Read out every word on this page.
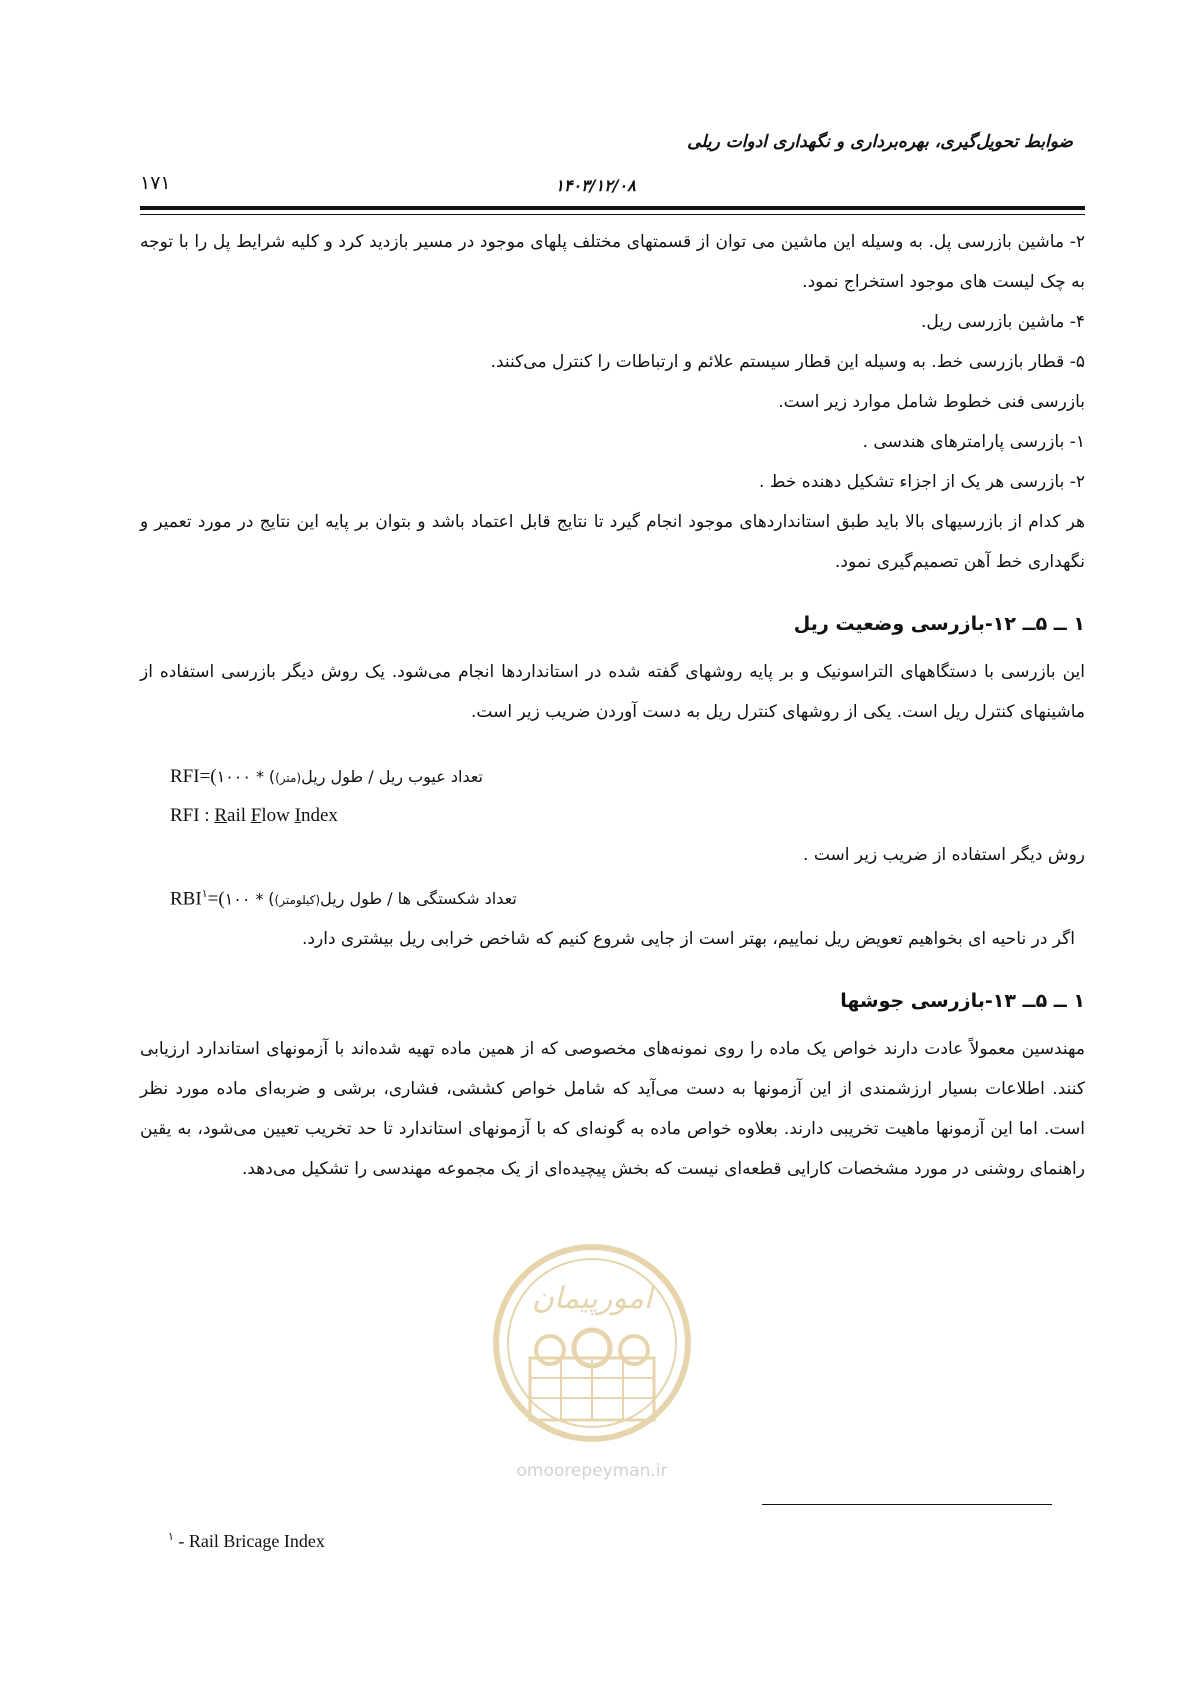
ضوابط تحویل‌گیری، بهره‌برداری و نگهداری ادوات ریلی
۱۷۱	۱۴۰۳/۱۲/۰۸

۲- ماشین بازرسی پل. به وسیله این ماشین می توان از قسمتهای مختلف پلهای موجود در مسیر بازدید کرد و کلیه شرایط پل را با توجه به چک لیست های موجود استخراج نمود.

۴- ماشین بازرسی ریل.

۵- قطار بازرسی خط. به وسیله این قطار سیستم علائم و ارتباطات را کنترل می‌کنند.

بازرسی فنی خطوط شامل موارد زیر است.

۱- بازرسی پارامترهای هندسی .

۲- بازرسی هر یک از اجزاء تشکیل دهنده خط .

هر کدام از بازرسیهای بالا باید طبق استانداردهای موجود انجام گیرد تا نتایج قابل اعتماد باشد و بتوان بر پایه این نتایج در مورد تعمیر و نگهداری خط آهن تصمیم‌گیری نمود.

۱ ــ ۵ــ ۱۲-بازرسی وضعیت ریل

این بازرسی با دستگاههای التراسونیک و بر پایه روشهای گفته شده در استانداردها انجام می‌شود. یک روش دیگر بازرسی استفاده از ماشینهای کنترل ریل است. یکی از روشهای کنترل ریل به دست آوردن ضریب زیر است.

RFI=(	تعداد عیوب ریل / طول ریل(متر)) * ۱۰۰۰
RFI : Rail Flow Index

روش دیگر استفاده از ضریب زیر است .

$RBI^۱=$(	تعداد شکستگی ها / طول ریل(کیلومتر)) * ۱۰۰

اگر در ناحیه ای بخواهیم تعویض ریل نماییم، بهتر است از جایی شروع کنیم که شاخص خرابی ریل بیشتری دارد.

۱ ــ ۵ــ ۱۳-بازرسی جوشها

مهندسین معمولاً عادت دارند خواص یک ماده را روی نمونه‌های مخصوصی که از همین ماده تهیه شده‌اند با آزمونهای استاندارد ارزیابی کنند. اطلاعات بسیار ارزشمندی از این آزمونها به دست می‌آید که شامل خواص کششی، فشاری، برشی و ضربه‌ای ماده مورد نظر است. اما این آزمونها ماهیت تخریبی دارند. بعلاوه خواص ماده به گونه‌ای که با آزمونهای استاندارد تا حد تخریب تعیین می‌شود، به یقین راهنمای روشنی در مورد مشخصات کارایی قطعه‌ای نیست که بخش پیچیده‌ای از یک مجموعه مهندسی را تشکیل می‌دهد.

امورپیمان
omoorepeyman.ir
$^۱$ - Rail Bricage Index
